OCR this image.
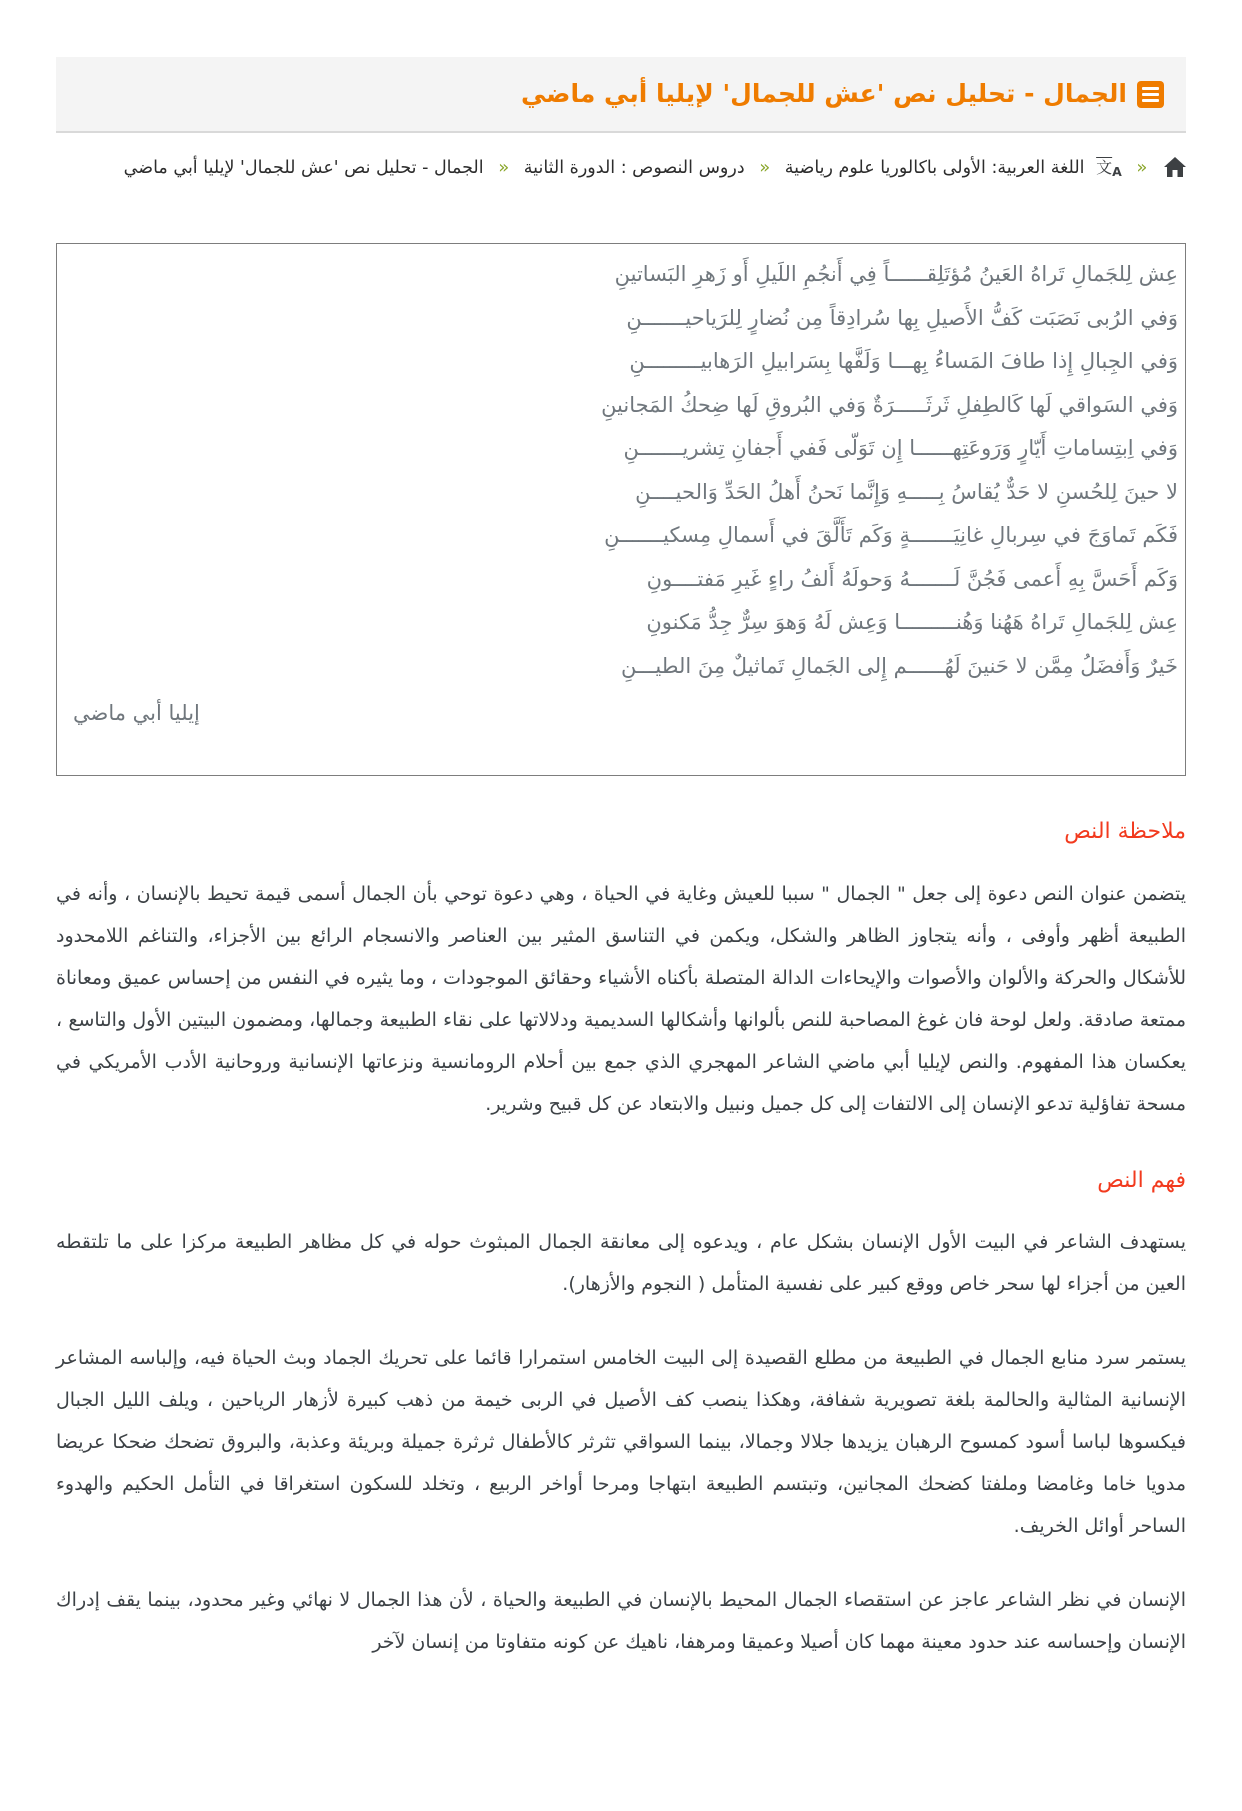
الجمال - تحليل نص 'عش للجمال' لإيليا أبي ماضي
« 文A اللغة العربية: الأولى باكالوريا علوم رياضية « دروس النصوص : الدورة الثانية « الجمال - تحليل نص 'عش للجمال' لإيليا أبي ماضي
عِش لِلجَمالِ تَراهُ العَينُ مُؤتَلِقــــــاً فِي أَنجُمِ اللَيلِ أَو زَهرِ البَساتينِ
وَفي الرُبى نَصَبَت كَفُّ الأَصيلِ بِها سُرادِقاً مِن نُضارٍ لِلرَياحيـــــــنِ
وَفي الجِبالِ إِذا طافَ المَساءُ بِهـــا وَلَفَّها بِسَرابيلِ الرَهابيـــــــــنِ
وَفي السَواقي لَها كَالطِفلِ ثَرثَـــــرَةٌ وَفي البُروقِ لَها ضِحكُ المَجانينِ
وَفي اِبتِساماتِ أَيّارٍ وَرَوعَتِهــــــا إِن تَوَلّى فَفي أَجفانِ تِشريـــــــنِ
لا حينَ لِلحُسنِ لا حَدٌّ يُقاسُ بِـــــهِ وَإِنَّما نَحنُ أَهلُ الحَدِّ وَالحيــــنِ
فَكَم تَماوَجَ في سِربالِ غانِيَـــــــةٍ وَكَم تَأَلَّقَ في أَسمالِ مِسكيـــــــنِ
وَكَم أَحَسَّ بِهِ أَعمى فَجُنَّ لَـــــــهُ وَحولَهُ أَلفُ راءٍ غَيرِ مَفتــــونِ
عِش لِلجَمالِ تَراهُ هَهُنا وَهُنـــــــــا وَعِش لَهُ وَهوَ سِرٌّ جِدُّ مَكنونِ
خَيرٌ وَأَفضَلُ مِمَّن لا حَنينَ لَهُــــــم إِلى الجَمالِ تَماثيلٌ مِنَ الطيـــنِ
إيليا أبي ماضي
ملاحظة النص

يتضمن عنوان النص دعوة إلى جعل " الجمال " سببا للعيش وغاية في الحياة ، وهي دعوة توحي بأن الجمال أسمى قيمة تحيط بالإنسان ، وأنه في الطبيعة أظهر وأوفى ، وأنه يتجاوز الظاهر والشكل، ويكمن في التناسق المثير بين العناصر والانسجام الرائع بين الأجزاء، والتناغم اللامحدود للأشكال والحركة والألوان والأصوات والإيحاءات الدالة المتصلة بأكناه الأشياء وحقائق الموجودات ، وما يثيره في النفس من إحساس عميق ومعاناة ممتعة صادقة. ولعل لوحة فان غوغ المصاحبة للنص بألوانها وأشكالها السديمية ودلالاتها على نقاء الطبيعة وجمالها، ومضمون البيتين الأول والتاسع ، يعكسان هذا المفهوم. والنص لإيليا أبي ماضي الشاعر المهجري الذي جمع بين أحلام الرومانسية ونزعاتها الإنسانية وروحانية الأدب الأمريكي في مسحة تفاؤلية تدعو الإنسان إلى الالتفات إلى كل جميل ونبيل والابتعاد عن كل قبيح وشرير.

فهم النص

يستهدف الشاعر في البيت الأول الإنسان بشكل عام ، ويدعوه إلى معانقة الجمال المبثوث حوله في كل مظاهر الطبيعة مركزا على ما تلتقطه العين من أجزاء لها سحر خاص ووقع كبير على نفسية المتأمل ( النجوم والأزهار).

يستمر سرد منابع الجمال في الطبيعة من مطلع القصيدة إلى البيت الخامس استمرارا قائما على تحريك الجماد وبث الحياة فيه، وإلباسه المشاعر الإنسانية المثالية والحالمة بلغة تصويرية شفافة، وهكذا ينصب كف الأصيل في الربى خيمة من ذهب كبيرة لأزهار الرياحين ، ويلف الليل الجبال فيكسوها لباسا أسود كمسوح الرهبان يزيدها جلالا وجمالا، بينما السواقي تثرثر كالأطفال ثرثرة جميلة وبريئة وعذبة، والبروق تضحك ضحكا عريضا مدويا خاما وغامضا وملفتا كضحك المجانين، وتبتسم الطبيعة ابتهاجا ومرحا أواخر الربيع ، وتخلد للسكون استغراقا في التأمل الحكيم والهدوء الساحر أوائل الخريف.

الإنسان في نظر الشاعر عاجز عن استقصاء الجمال المحيط بالإنسان في الطبيعة والحياة ، لأن هذا الجمال لا نهائي وغير محدود، بينما يقف إدراك الإنسان وإحساسه عند حدود معينة مهما كان أصيلا وعميقا ومرهفا، ناهيك عن كونه متفاوتا من إنسان لآخر
